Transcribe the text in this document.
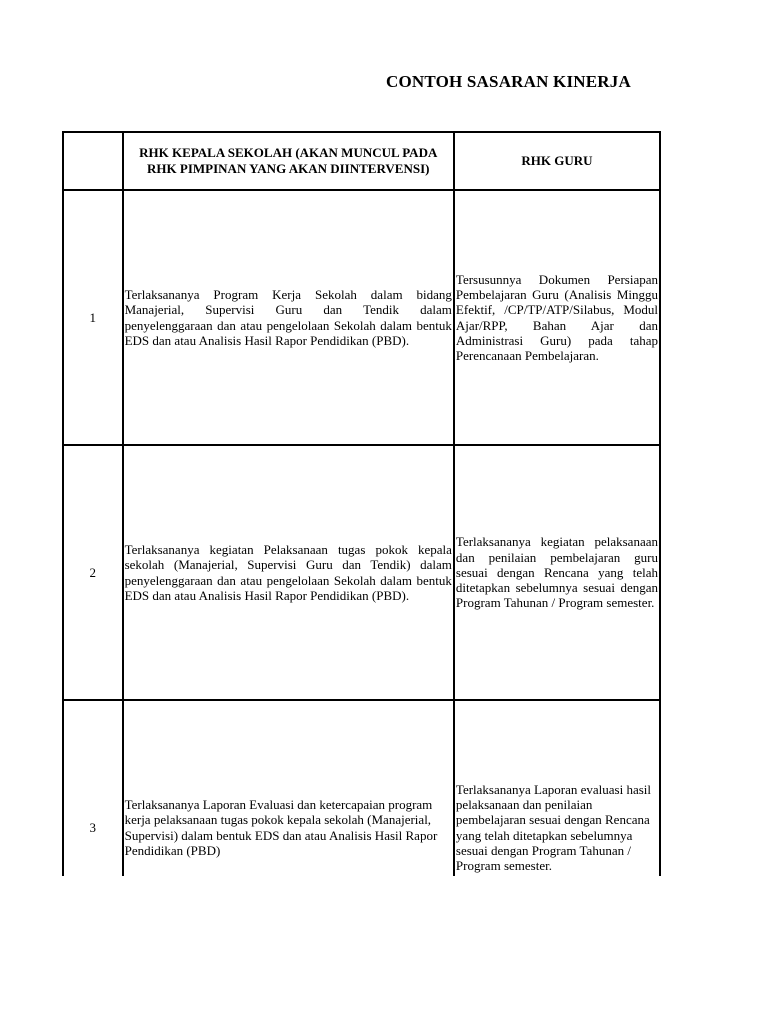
CONTOH SASARAN KINERJA
	RHK KEPALA SEKOLAH (AKAN MUNCUL PADA RHK PIMPINAN YANG AKAN DIINTERVENSI)	RHK GURU
1	Terlaksananya Program Kerja Sekolah dalam bidang Manajerial, Supervisi Guru dan Tendik dalam penyelenggaraan dan atau pengelolaan Sekolah dalam bentuk EDS dan atau Analisis Hasil Rapor Pendidikan (PBD).	Tersusunnya Dokumen Persiapan Pembelajaran Guru (Analisis Minggu Efektif, /CP/TP/ATP/Silabus, Modul Ajar/RPP, Bahan Ajar dan Administrasi Guru) pada tahap Perencanaan Pembelajaran.
2	Terlaksananya kegiatan Pelaksanaan tugas pokok kepala sekolah (Manajerial, Supervisi Guru dan Tendik) dalam penyelenggaraan dan atau pengelolaan Sekolah dalam bentuk EDS dan atau Analisis Hasil Rapor Pendidikan (PBD).	Terlaksananya kegiatan pelaksanaan dan penilaian pembelajaran guru sesuai dengan Rencana yang telah ditetapkan sebelumnya sesuai dengan Program Tahunan / Program semester.
3	Terlaksananya Laporan Evaluasi dan ketercapaian program kerja pelaksanaan tugas pokok kepala sekolah (Manajerial, Supervisi) dalam bentuk EDS dan atau Analisis Hasil Rapor Pendidikan (PBD)	Terlaksananya Laporan evaluasi hasil pelaksanaan dan penilaian pembelajaran sesuai dengan Rencana yang telah ditetapkan sebelumnya sesuai dengan Program Tahunan / Program semester.
